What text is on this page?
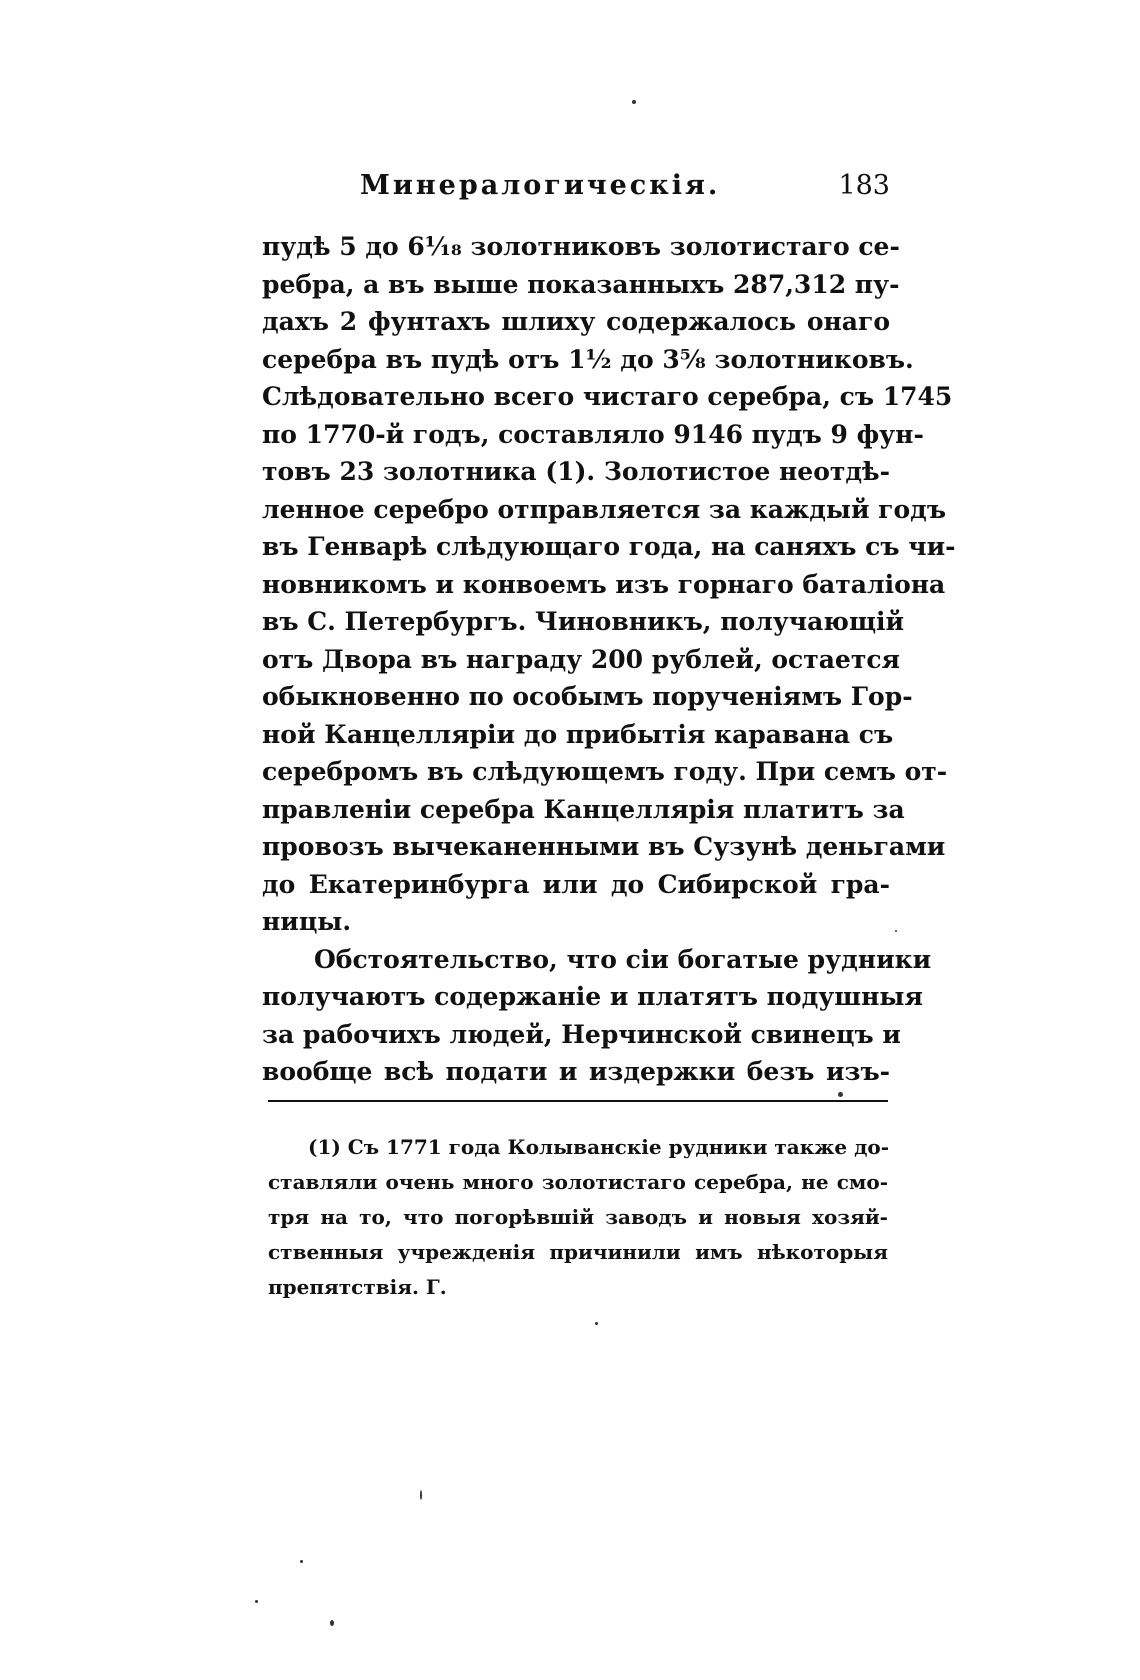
Минералогическія.	183
пудѣ 5 до 6¹⁄₁₈ золотниковъ золотистаго се-
ребра, а въ выше показанныхъ 287,312 пу-
дахъ 2 фунтахъ шлиху содержалось онаго
серебра въ пудѣ отъ 1¹⁄₂ до 3⁵⁄₈ золотниковъ.
Слѣдовательно всего чистаго серебра, съ 1745
по 1770-й годъ, составляло 9146 пудъ 9 фун-
товъ 23 золотника (1). Золотистое неотдѣ-
ленное серебро отправляется за каждый годъ
въ Генварѣ слѣдующаго года, на саняхъ съ чи-
новникомъ и конвоемъ изъ горнаго баталіона
въ С. Петербургъ. Чиновникъ, получающій
отъ Двора въ награду 200 рублей, остается
обыкновенно по особымъ порученіямъ Гор-
ной Канцелляріи до прибытія каравана съ
серебромъ въ слѣдующемъ году. При семъ от-
правленіи серебра Канцеллярія платитъ за
провозъ вычеканенными въ Сузунѣ деньгами
до Екатеринбурга или до Сибирской гра-
ницы.
Обстоятельство, что сіи богатые рудники
получаютъ содержаніе и платятъ подушныя
за рабочихъ людей, Нерчинской свинецъ и
вообще всѣ подати и издержки безъ изъ-
(1) Съ 1771 года Колыванскіе рудники также до-
ставляли очень много золотистаго серебра, не смо-
тря на то, что погорѣвшій заводъ и новыя хозяй-
ственныя учрежденія причинили имъ нѣкоторыя
препятствія. Г.
